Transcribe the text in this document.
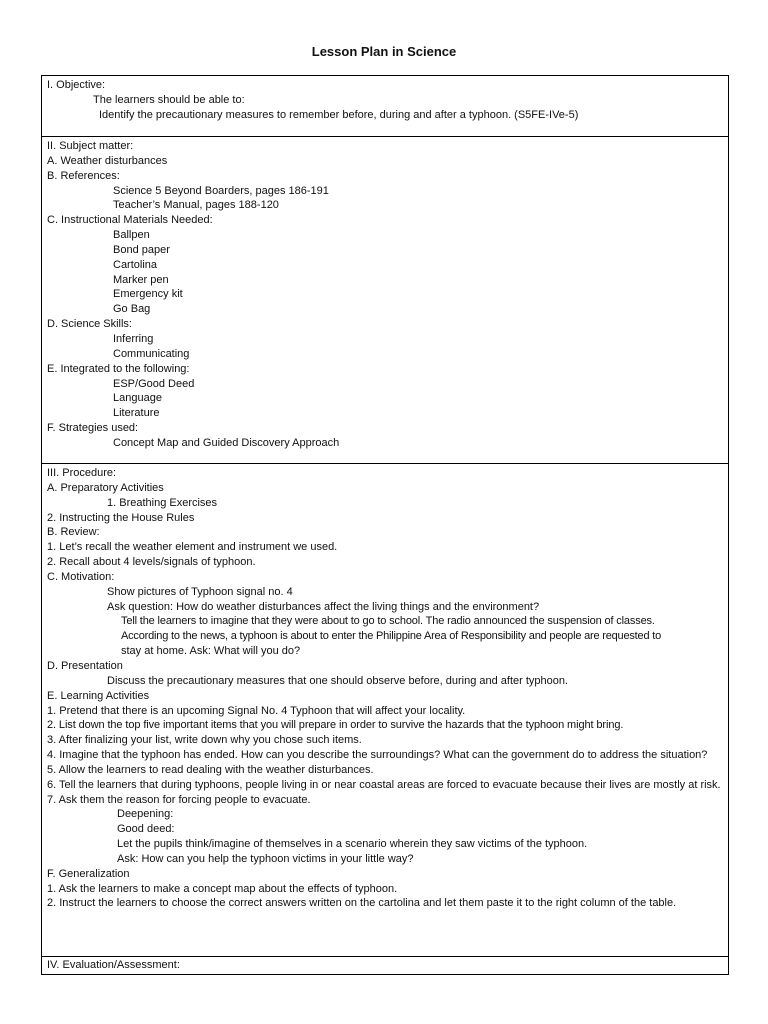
Lesson Plan in Science
I. Objective:
The learners should be able to:
Identify the precautionary measures to remember before, during and after a typhoon. (S5FE-IVe-5)
II. Subject matter:
A. Weather disturbances
B. References:
Science 5 Beyond Boarders, pages 186-191
Teacher’s Manual, pages 188-120
C. Instructional Materials Needed:
Ballpen
Bond paper
Cartolina
Marker pen
Emergency kit
Go Bag
D. Science Skills:
Inferring
Communicating
E. Integrated to the following:
ESP/Good Deed
Language
Literature
F. Strategies used:
Concept Map and Guided Discovery Approach
III. Procedure:
A. Preparatory Activities
1. Breathing Exercises
2. Instructing the House Rules
B. Review:
1. Let’s recall the weather element and instrument we used.
2. Recall about 4 levels/signals of typhoon.
C. Motivation:
Show pictures of Typhoon signal no. 4
Ask question: How do weather disturbances affect the living things and the environment?
Tell the learners to imagine that they were about to go to school. The radio announced the suspension of classes.
According to the news, a typhoon is about to enter the Philippine Area of Responsibility and people are requested to
stay at home. Ask: What will you do?
D. Presentation
Discuss the precautionary measures that one should observe before, during and after typhoon.
E. Learning Activities
1. Pretend that there is an upcoming Signal No. 4 Typhoon that will affect your locality.
2. List down the top five important items that you will prepare in order to survive the hazards that the typhoon might bring.
3. After finalizing your list, write down why you chose such items.
4. Imagine that the typhoon has ended. How can you describe the surroundings? What can the government do to address the situation?
5. Allow the learners to read dealing with the weather disturbances.
6. Tell the learners that during typhoons, people living in or near coastal areas are forced to evacuate because their lives are mostly at risk.
7. Ask them the reason for forcing people to evacuate.
Deepening:
Good deed:
Let the pupils think/imagine of themselves in a scenario wherein they saw victims of the typhoon.
Ask: How can you help the typhoon victims in your little way?
F. Generalization
1. Ask the learners to make a concept map about the effects of typhoon.
2. Instruct the learners to choose the correct answers written on the cartolina and let them paste it to the right column of the table.
IV. Evaluation/Assessment:
